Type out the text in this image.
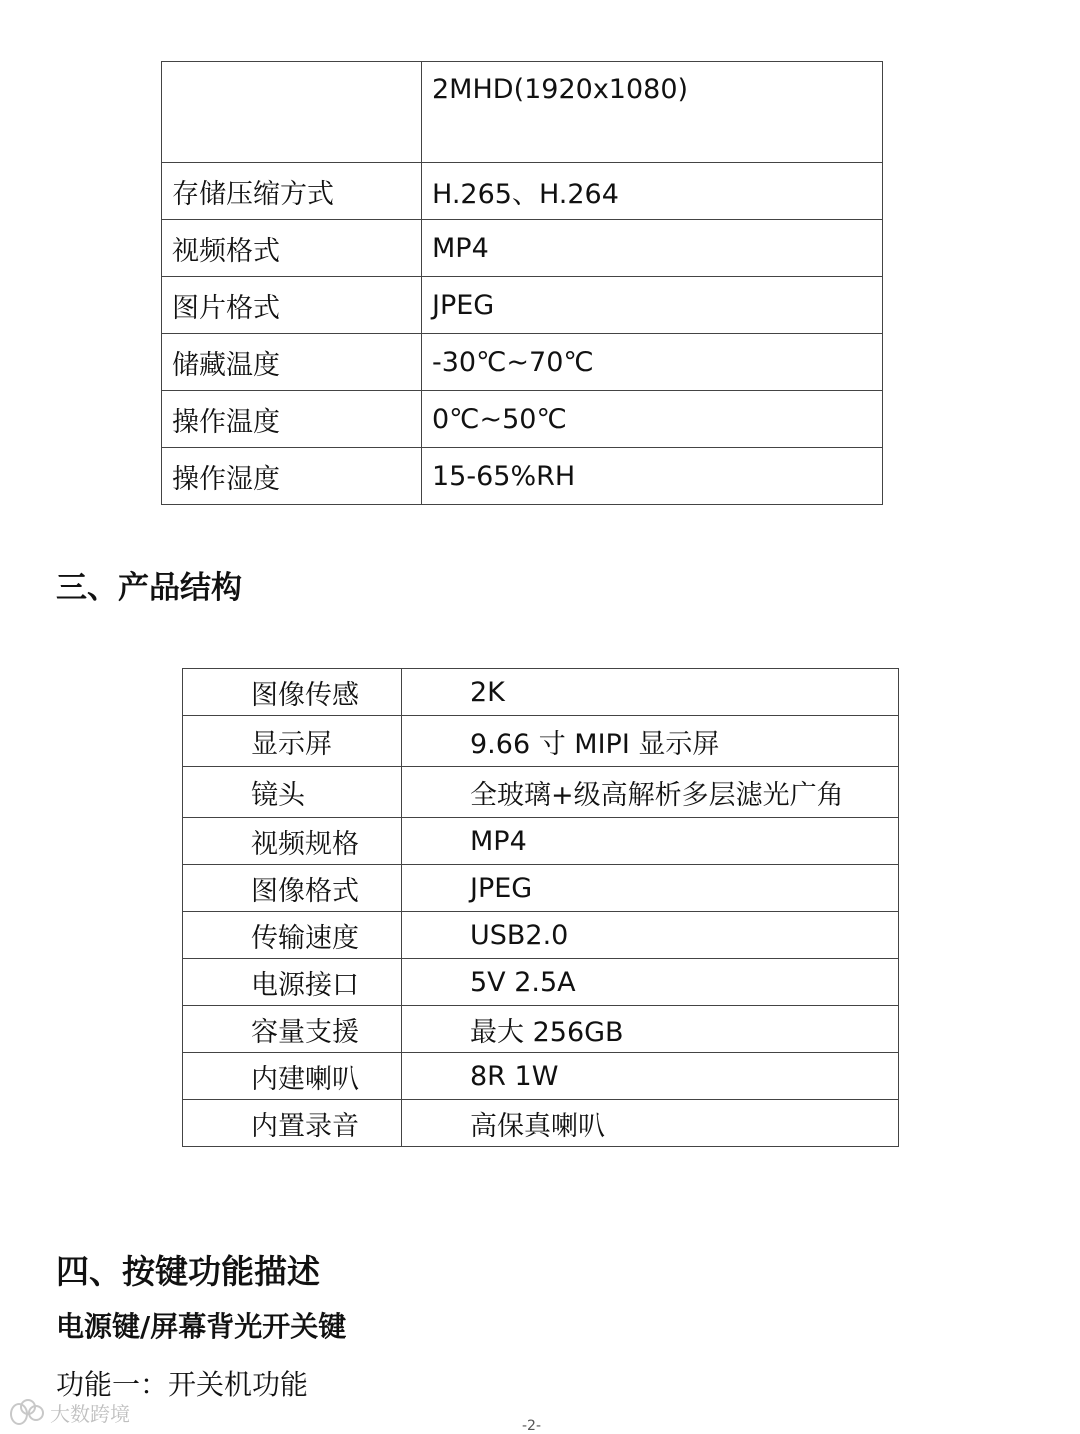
	2MHD(1920x1080)
存储压缩方式	H.265、H.264
视频格式	MP4
图片格式	JPEG
储藏温度	-30℃~70℃
操作温度	0℃~50℃
操作湿度	15-65%RH
三、产品结构
图像传感	2K
显示屏	9.66 寸 MIPI 显示屏
镜头	全玻璃+级高解析多层滤光广角
视频规格	MP4
图像格式	JPEG
传输速度	USB2.0
电源接口	5V 2.5A
容量支援	最大 256GB
内建喇叭	8R 1W
内置录音	高保真喇叭
四、按键功能描述
电源键/屏幕背光开关键

功能一：开关机功能

大数跨境	-2-
